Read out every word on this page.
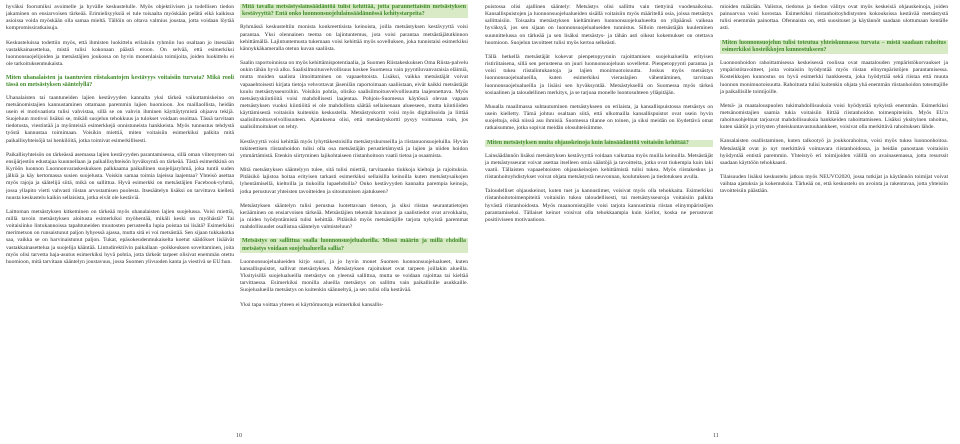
hyväksi foorumiksi avoimelle ja hyvälle keskustelulle. Myös objektiivisen ja todellisen tiedon jakaminen on ensiarvoisen tärkeää. Erimielisyyksiä ei tule toisaalta myöskään pelätä eikä kaikissa asioissa voida myöskään olla samaa mieltä. Tällöin on oltava valmius joustaa, jotta voidaan löytää kompromissiratkaisuja.

Keskusteluissa todettiin myös, että ihmisten luokittelu erilaisiin ryhmiin luo osaltaan jo itsessään vastakkainasettelua, mistä tulisi kokonaan päästä eroon. On selvää, että esimerkiksi luonnonsuojelijoiden ja metsästäjien joukossa on hyvin monenlaisia toimijoita, joiden luokittelu ei ole tarkoituksenmukaista.

Miten uhanalaisten ja taantuvien riistakantojen kestävyys voitaisiin turvata? Mikä rooli tässä on metsästyksen sääntelyllä?

Uhanalaisten tai taantuneiden lajien kestävyyden kannalta yksi tärkeä vaikuttamiskeino on metsänomistajien kannustaminen ottamaan paremmin lajien huomioon. Jos maillaollista, heidän usein ei motivaatiota tulisi vahvistaa, sillä se on vahvin ihminen käyttäytymistä ohjaava tekijä. Suojeluun motivoi lisäksi se, mikäli suojelun tehokkuus ja tulokset voidaan osoittaa. Tässä tarvitaan tiedotusta, viestintää ja myönteisiä esimerkkejä onnistuneista hankkeista. Myös tunnustus tehdystä työstä kannustaa toimimaan. Voisikin miettiä, miten voitaisiin esimerkiksi palkita mitä paikallisyhteisöjä tai henkilöitä, jotka toimivat esimerkillisesti.

Paikallisyhteisön on tärkeässä asemassa lajien kestävyyden parantamisessa, sillä oman viitenymen tai ensijärjestön edustajaa kuunnellaan ja paikallisyhteisön hyväksyntä on tärkeää. Tästä esimerkkinä on Kyröön luonnon Luonnonvaraskeskuksen palkkaama paikallinen suojelijaryhmä, joka tuntii suden jälkiä ja käy kertomassa susien suojelusta. Voiskin samaa toimia lajeissa laajentaa? Yhteisö asettaa myös rajoja ja säätelijä siitä, mikä on sallittua. Hyvä esimerkki on metsästäjien Facebook-ryhmä, jossa yllapito vietti vahvasti riistan arvostamisen puolesta. Itsesäätelyn lisäksi on tarvittava kielletä nuusta keskustelu kaikin sellaisista, jotka eivät ole kestäviä.

Laittoman metsästyksen kitkeminen on tärkeää myös uhanalaisten lajien suojelussa. Voisi miettiä, millä tavoin metsästyksen aloitusta esimerkiksi myöhentää, mikäli keski on myöhästä? Tai voitaisiinko lintukannoissa tapahtuneiden muutosten perusteella lupia poistaa tai lisätä? Esimerkiksi merimetson on runsaistunut paljon lyhyessä ajassa, mutta sitä ei voi metsästää. Sen sijaan tukkakotka saa, vaikka se on harvinaistunut paljon. Tukat, epäsokeudenmukaiselta koetut säädökset lisäävät vastakkainasettelua ja suojelija kääntää. Lintudirektiivin paikallaan -poikkeuksen soveltaminen, joita myös olisi tarvetta haja-asutus esimerkiksi hyvä pohtia, jotta tärkeät tarpeet olisivat enemmän otettu huomioon, mitä tarvitaan sääntelyn joustavuus, jossa Suomen ylivuoden kanta ja viestivä se EU:hun.

Mitä tavalla metsästyslainsäädäntöä tulisi kehittää, jotta parannettaisiin metsästyksen kestävyyttä? Entä onko luonnonsuojelulainsäädännössä kehitystarpeita?

Ryhmässä keskusteltiin monista konkreettisista keinoista, joilla metsästyksen kestävyyttä voisi parantaa. Yksi olennainen teema on lajintuntemus, jota voisi parantaa metsästäjätutkinnon kehittämällä. Lajintuntemusta tukemaan voisi kehittää myös sovelluksen, joka tunnistaisi esimerkiksi kännykkäkameralla otetun kuvan saaliista.

Saalin raportoinnissa on myös kehittämispotentiaalia, ja Suomen Riistakeskuksen Oma Riista-palvelu onkin tähän hyvä alku. Saalisilmoitusvelvollisuus koskee Suomessa vain pyyntiluvanvaraisia eläimiä, mutta muiden saalista ilmoittaminen on vapaaehtoista. Lisäksi, vaikka metsästäjät voivat vapaaehtoisesti kirjata tietoja vehvottavat jäsenilän raportoimaan saaliistaan, eivät kaikki metsästäjät kuulu metsästysseuroihin. Voisikin pohtia, olisiko saalisilmoitusvelvollisuutta laajennettava. Myös metsästyskiintiöitä voisi mahdollisesti laajentaa. Pohjois-Suomessa käytössä olevan vapaan metsästyksen vuoksi kiintiöitä ei ole mahdollista säätää sellaisenaan alueeseen, mutta kiintiöiden käyttämisestä voitaisiin kuitenkin keskustella. Metsästyskortit voisi myös digitalisoida ja liittää saalisilmoitusvelvollisuuteen. Ajatuksena olisi, että metsästyskortti pysyy voimassa vain, jos saalisilmoitukset on tehty.

Kestävyyttä voisi kehittää myös lyhyttäkestoisilla metsästyskursseilla ja riistanuonsuojeluilla. Hyvän tukiteettisen riistanhoidon tulisi olla osa metsästäjän perustietämystä ja lajien ja niiden hoidon ymmärtämistä. Etenkin siirtyminen lajikohtaiseen riistanhoitoon vaatii tietoa ja osaamista.

Mitä metsästyksen sääntelyyn tulee, sitä tulisi miettiä, tarvitaanko tiukkoja kieltoja ja rajoituksia. Pitäisikö lajistoa hoitaa erityisen tarkasti esimerkiksi sellaisilla keinoilla kuten metsästysaikojen lyhentämisellä, kieltoilla ja tiukoilla lupaehdoilla? Onko kestävyyden kannalta parempia keinoja, jotka perustuvat yhteisten tavoitteiden ja sitoutumisen ajatukseen?

Metsästyksen sääntelyn tulisi perustua luotettavaan tietoon, ja siksi riistan seurantatietojen kerääminen on ensiarvoisen tärkeää. Metsästäjien tekemät havainnot ja saalistiedot ovat arvokkaita, ja niiden hyödyntämistä tulisi kehittää. Pitäisikö myös metsästäjille tarjota nykyistä paremmat mahdollisuudet osallistua sääntelyn valmisteluun?

Metsästys on sallittua soalla luonnonsuojelualueilla. Missä määrin ja millä ehdoilla metsästys voidaan suojelualueella sallia?

Luonnonsuojelualueiden kirjo suuri, ja jo hyvin monet Suomen luonnonsuojelualueet, kuten kansallispuistot, sallivat metsästyksen. Metsästyksen rajoitukset ovat tarpeen joillakin alueilla. Yksityisillä suojelualueilla metsästys on yleensä sallittua, mutta se voidaan rajoittaa tai kieltää tarvittaessa. Esimerkiksi monilla alueilla metsästys on sallittu vain paikallisille asukkaille. Suojelualueilla metsästys on kuitenkin säänneltyä, ja sen tulisi olla kestävää.

Yksi tapa voittaa yhteen ei käyttömuotoja esimerkiksi kansallis-

puistossa olisi ajallinen sääntely: Metsästys olisi sallittu vain tiettyinä vuodenaikoina. Kansallispuistojen ja luonnonsuojelualueiden sisällä voitaisiin myös määritellä osia, joissa metsästys sallittaisiin. Toisaalta metsästyksen kieltäminen luonnonsuojelualueelta on ylipäänsä vaikeaa hyväksyä, jos sen sijaan on luonnonsuojelualueiden tunnistus. Silloin metsästäjän kuuleminen suunnittelussa on tärkeää ja sen lisäksi metsästys- ja tähän asti oikeat kokemukset on otettava huomioon. Suojelun tavoitteet tulisi myös kertoa selkeästi.

Tällä hetkellä metsästäjät kokevat pienpetopyynnin rajoittamisen suojelualueilla erityisen ristiriitaisena, sillä sen perusteena on juuri luonnonsuojeluun sovelletut. Pienpetopyynti parantaa ja voisi tukea riistalintukantoja ja lajien monimuotoisuutta. Joskus myös metsästys luonnonsuojelualueilla, kuten esimerkiksi vieraslajien vähentäminen, tarvitaan luonnonsuojelualueilla ja lisäisi sen hyväksyntää. Metsästyksellä on Suomessa myös tärkeä sosiaalinen ja taloudellinen merkitys, ja se tarjoaa monelle luontosuhteen ylläpitäjän.

Muualla maailmassa suhtautuminen metsästykseen on erilaista, ja kansallispuistossa metsästys on usein kielletty. Tämä johtuu osaltaan siitä, että ulkomailla kansallispuistot ovat usein hyvin suojeltuja, eikä niissä asu ihmisiä. Suomessa tilanne on toinen, ja siksi meidän on löydettävä omat ratkaisumme, jotka sopivat meidän olosuhteisiimme.

Miten metsästyksen muita ohjauskeinoja kuin lainsäädäntöä voitaisiin kehittää?

Lainsäädännön lisäksi metsästyksen kestävyyttä voidaan vaikuttaa myös muilla keinoilla. Metsästäjät ja metsästysseurat voivat asettaa itselleen omia sääntöjä ja tavoitteita, jotka ovat tiukempia kuin laki vaatii. Tällaisten vapaaehtoisten ohjauskeinojen kehittämistä tulisi tukea. Myös riistakeskus ja riistanhoitoyhdistykset voivat ohjata metsästystä neuvonnan, koulutuksen ja tiedotuksen avulla.

Taloudelliset ohjauskeinot, kuten tuet ja kannustimet, voisivat myös olla tehokkaita. Esimerkiksi riistanhoitotoimenpiteitä voitaisiin tukea taloudellisesti, tai metsästysseuroja voitaisiin palkita hyvästä riistanhoidosta. Myös maanomistajille voisi tarjota kannustimia riistan elinympäristöjen parantamiseksi. Tällaiset keinot voisivat olla tehokkaampia kuin kiellot, koska ne perustuvat positiiviseen motivaatioon.

mioiden määrään. Valistus, tiedotus ja tiedon välitys ovat myös keskeisiä ohjauskeinoja, joiden painoarvoa voisi korostaa. Esimerkiksi riistanhoitoyhdistysten kokouksissa kestävää metsästystä tulisi enemmän painottaa. Ofennaista on, että suosituset ja käytännöt saadaan ulottumaan kentälle asti.

Miten luonnonsuojelun tulisi toteutua yhteiskunnassa turvata – mistä saadaan rahoitus esimerkiksi kosteikkojen kunnostukseen?

Luonnonhoidon rahoittamisessa keskeisessä roolissa ovat maatalouden ympäristökorvaukset ja ympäristötavoitteet, joita voitaisiin hyödyntää myös riistan elinympäristöjen parantamisessa. Kosteikkojen kunnostus on hyvä esimerkki hankkeesta, joka hyödyttää sekä riistaa että muuta luonnon monimuotoisuutta. Rahoitusta tulisi kuitenkin ohjata yhä enemmän riistanhoidon toteuttajille ja paikallisille toimijoille.

Metsä- ja maatalouspuolen tukimahdollisuuksia voisi hyödyntää nykyistä enemmän. Esimerkiksi metsänomistajien saamia tukia voitaisiin liittää riistanhoidon toimenpiteisiin. Myös EU:n rahoitusohjelmat tarjoavat mahdollisuuksia hankkeiden rahoittamiseen. Lisäksi yksityinen rahoitus, kuten säätiöt ja yritysten yhteiskuntavastuuhankkeet, voisivat olla merkittävä rahoituksen lähde.

Kansalaisten osallistaminen, kuten talkootyö ja joukkorahoitus, voisi myös tukea luonnonhoitoa. Metsästäjät ovat jo nyt merkittävä voimavara riistanhoidossa, ja heidän panostaan voitaisiin hyödyntää entistä paremmin. Yhteistyö eri toimijoiden välillä on avainasemassa, jotta resurssit saadaan käyttöön tehokkaasti.

Tilaisuuden lisäksi keskustelu jatkuu myös NEUVO2020, jossa tutkijat ja käytännön toimijat voivat vaihtaa ajatuksia ja kokemuksia. Tärkeää on, että keskustelu on avointa ja rakentavaa, jotta yhteisiin tavoitteisiin päästään.

10	11
